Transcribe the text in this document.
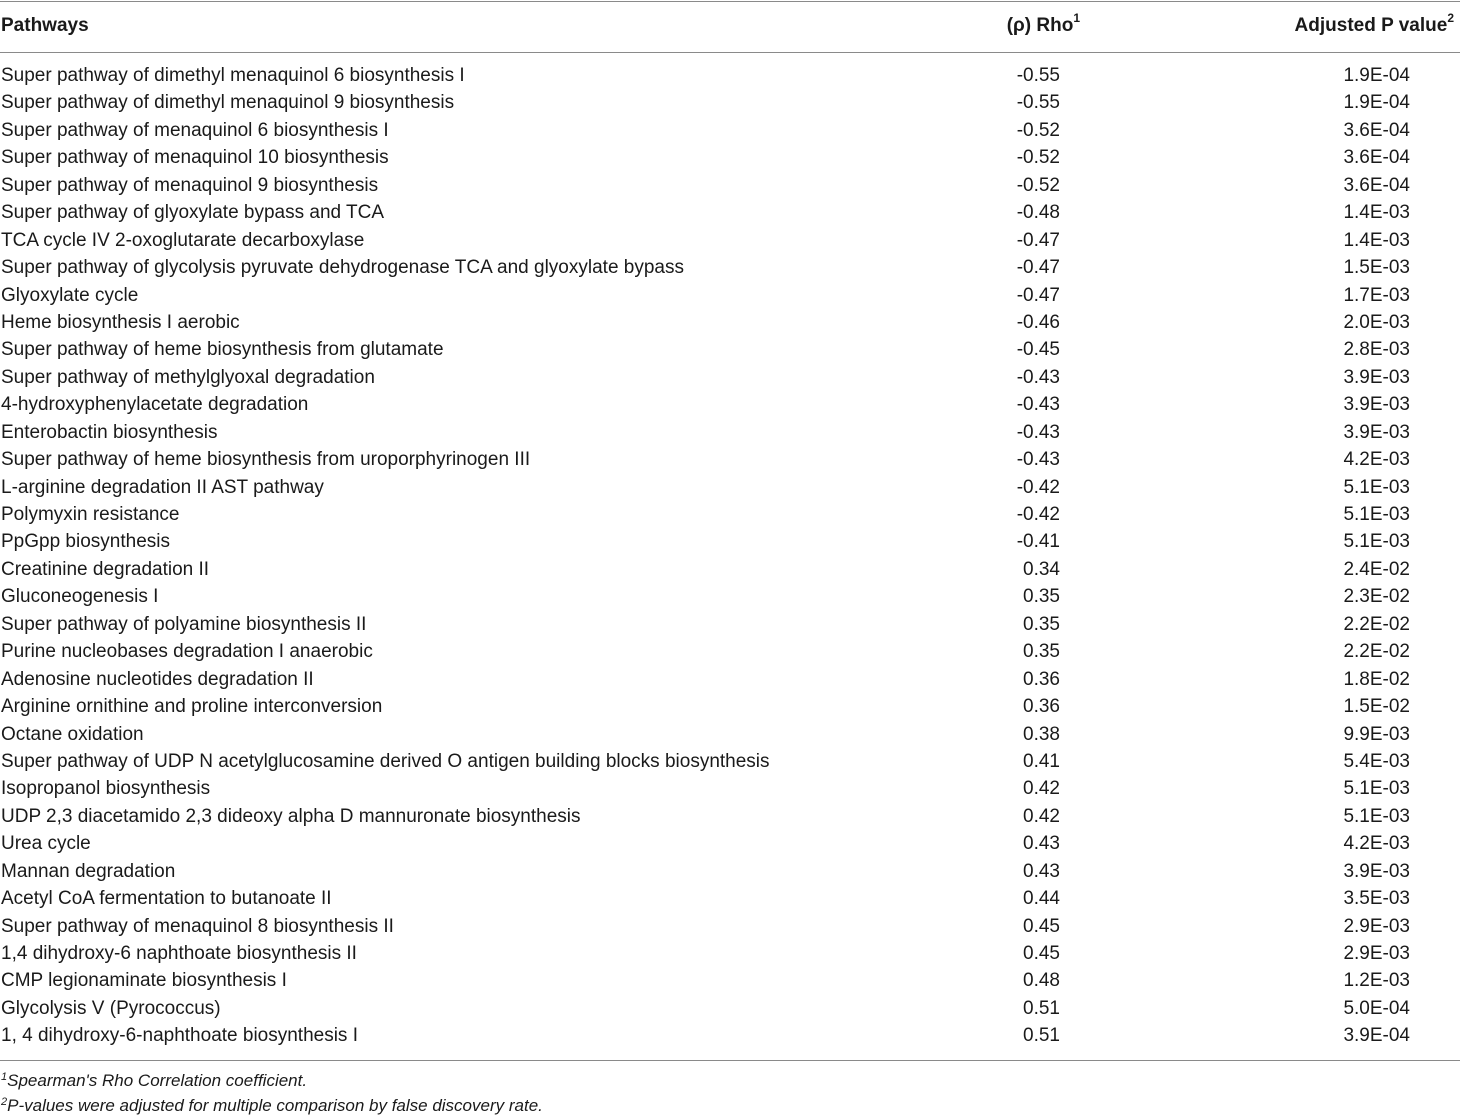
Pathways	(ρ) Rho$^1$	Adjusted P value$^2$
Super pathway of dimethyl menaquinol 6 biosynthesis I	-0.55	1.9E-04
Super pathway of dimethyl menaquinol 9 biosynthesis	-0.55	1.9E-04
Super pathway of menaquinol 6 biosynthesis I	-0.52	3.6E-04
Super pathway of menaquinol 10 biosynthesis	-0.52	3.6E-04
Super pathway of menaquinol 9 biosynthesis	-0.52	3.6E-04
Super pathway of glyoxylate bypass and TCA	-0.48	1.4E-03
TCA cycle IV 2-oxoglutarate decarboxylase	-0.47	1.4E-03
Super pathway of glycolysis pyruvate dehydrogenase TCA and glyoxylate bypass	-0.47	1.5E-03
Glyoxylate cycle	-0.47	1.7E-03
Heme biosynthesis I aerobic	-0.46	2.0E-03
Super pathway of heme biosynthesis from glutamate	-0.45	2.8E-03
Super pathway of methylglyoxal degradation	-0.43	3.9E-03
4-hydroxyphenylacetate degradation	-0.43	3.9E-03
Enterobactin biosynthesis	-0.43	3.9E-03
Super pathway of heme biosynthesis from uroporphyrinogen III	-0.43	4.2E-03
L-arginine degradation II AST pathway	-0.42	5.1E-03
Polymyxin resistance	-0.42	5.1E-03
PpGpp biosynthesis	-0.41	5.1E-03
Creatinine degradation II	0.34	2.4E-02
Gluconeogenesis I	0.35	2.3E-02
Super pathway of polyamine biosynthesis II	0.35	2.2E-02
Purine nucleobases degradation I anaerobic	0.35	2.2E-02
Adenosine nucleotides degradation II	0.36	1.8E-02
Arginine ornithine and proline interconversion	0.36	1.5E-02
Octane oxidation	0.38	9.9E-03
Super pathway of UDP N acetylglucosamine derived O antigen building blocks biosynthesis	0.41	5.4E-03
Isopropanol biosynthesis	0.42	5.1E-03
UDP 2,3 diacetamido 2,3 dideoxy alpha D mannuronate biosynthesis	0.42	5.1E-03
Urea cycle	0.43	4.2E-03
Mannan degradation	0.43	3.9E-03
Acetyl CoA fermentation to butanoate II	0.44	3.5E-03
Super pathway of menaquinol 8 biosynthesis II	0.45	2.9E-03
1,4 dihydroxy-6 naphthoate biosynthesis II	0.45	2.9E-03
CMP legionaminate biosynthesis I	0.48	1.2E-03
Glycolysis V (Pyrococcus)	0.51	5.0E-04
1, 4 dihydroxy-6-naphthoate biosynthesis I	0.51	3.9E-04
$^1$Spearman's Rho Correlation coefficient.
$^2$P-values were adjusted for multiple comparison by false discovery rate.
